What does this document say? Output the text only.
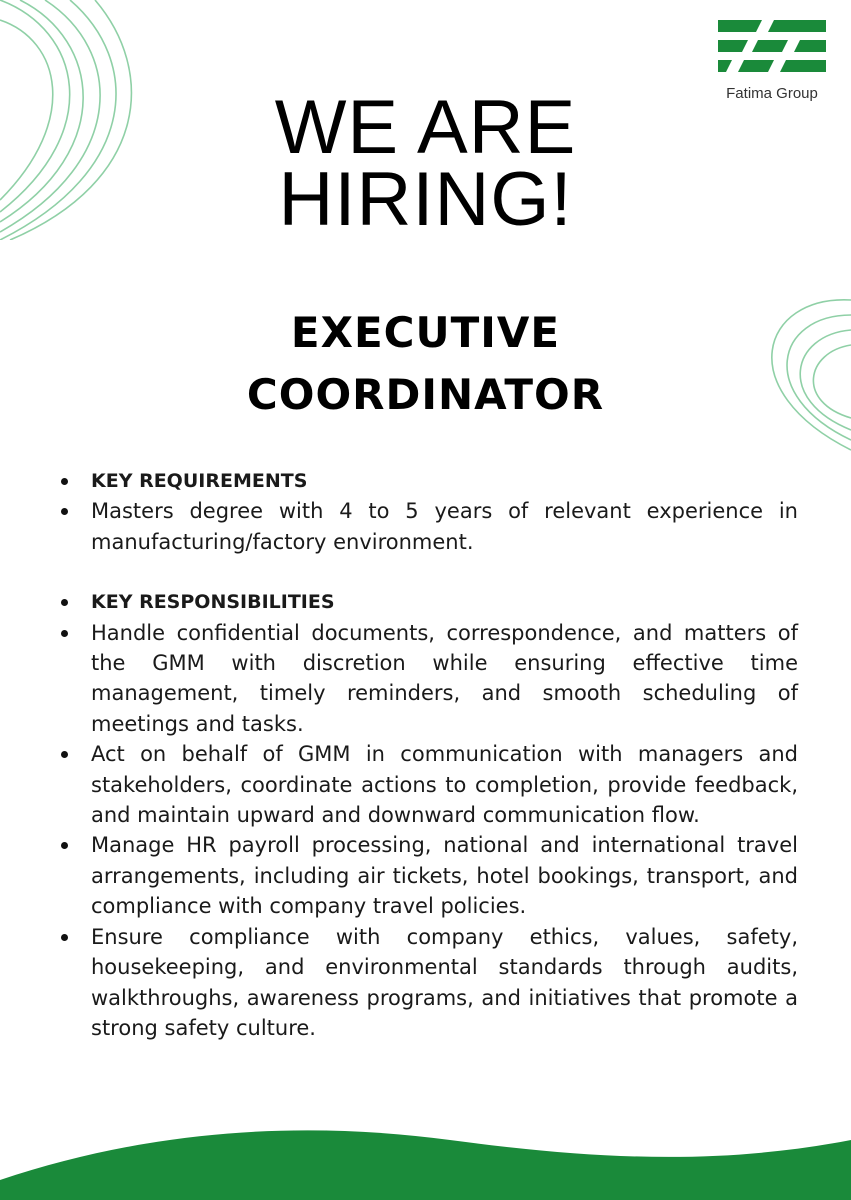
Fatima Group
WE ARE
HIRING!
EXECUTIVE
COORDINATOR
KEY REQUIREMENTS
Masters degree with 4 to 5 years of relevant experience in manufacturing/factory environment.
KEY RESPONSIBILITIES
Handle confidential documents, correspondence, and matters of the GMM with discretion while ensuring effective time management, timely reminders, and smooth scheduling of meetings and tasks.
Act on behalf of GMM in communication with managers and stakeholders, coordinate actions to completion, provide feedback, and maintain upward and downward communication flow.
Manage HR payroll processing, national and international travel arrangements, including air tickets, hotel bookings, transport, and compliance with company travel policies.
Ensure compliance with company ethics, values, safety, housekeeping, and environmental standards through audits, walkthroughs, awareness programs, and initiatives that promote a strong safety culture.
